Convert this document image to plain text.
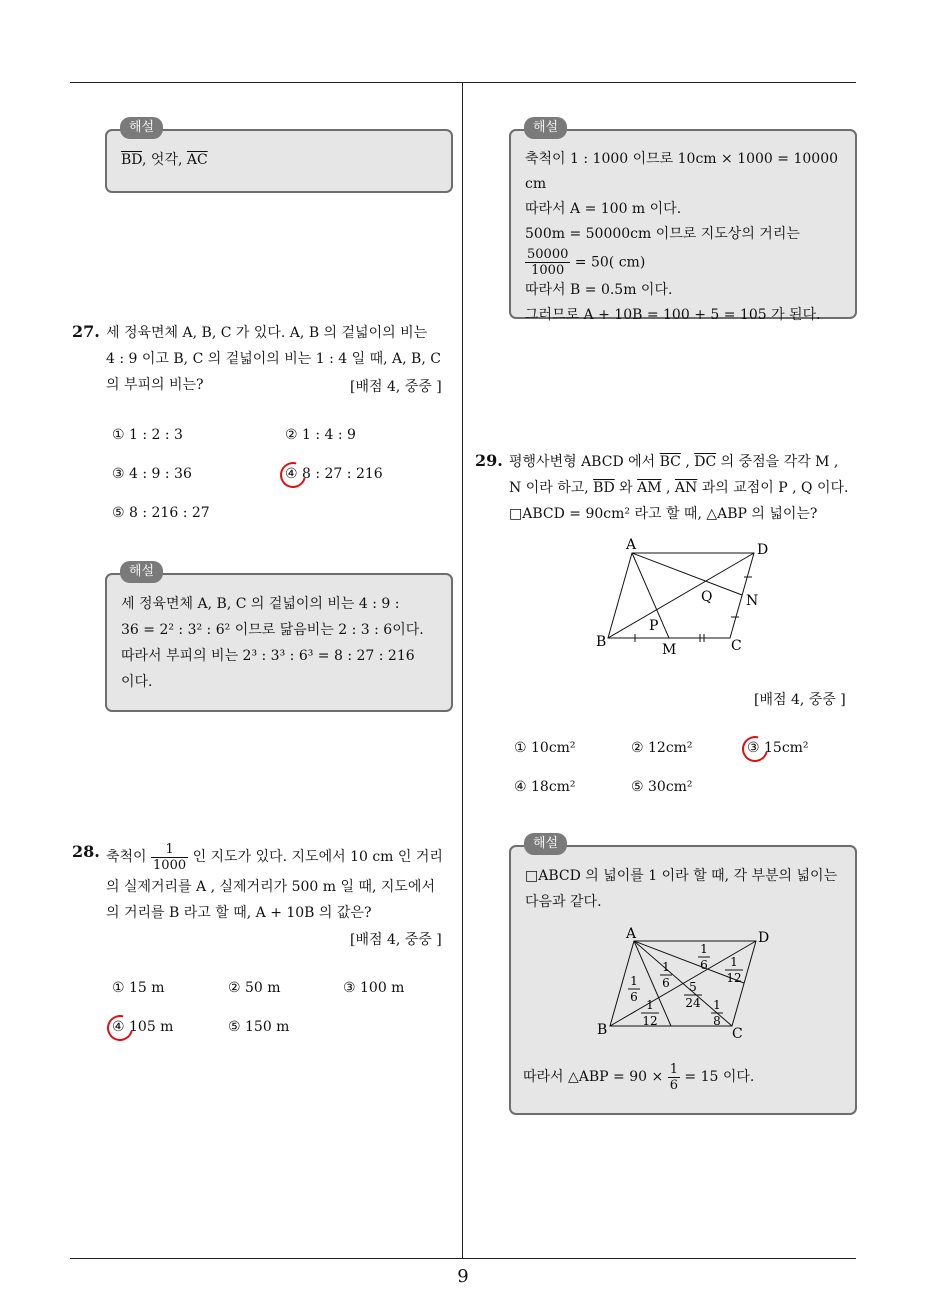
9
해설
$\overline{BD}$, 엇각, $\overline{AC}$
27. 세 정육면체 A, B, C 가 있다. A, B 의 겉넓이의 비는
4 : 9 이고 B, C 의 겉넓이의 비는 1 : 4 일 때, A, B, C
의 부피의 비는?	[배점 4, 중중 ]
① 1 : 2 : 3	② 1 : 4 : 9
③ 4 : 9 : 36	④ 8 : 27 : 216
⑤ 8 : 216 : 27
해설
세 정육면체 A, B, C 의 겉넓이의 비는 4 : 9 :
36 = 2² : 3² : 6² 이므로 닮음비는 2 : 3 : 6이다.
따라서 부피의 비는 2³ : 3³ : 6³ = 8 : 27 : 216
이다.
28. 축척이 $\frac{1}{1000}$ 인 지도가 있다. 지도에서 10 cm 인 거리
의 실제거리를 A , 실제거리가 500 m 일 때, 지도에서
의 거리를 B 라고 할 때, A + 10B 의 값은?
[배점 4, 중중 ]
① 15 m	② 50 m	③ 100 m
④ 105 m	⑤ 150 m
해설
축척이 1 : 1000 이므로 10cm × 1000 = 10000 cm
따라서 A = 100 m 이다.
500m = 50000cm 이므로 지도상의 거리는
$\frac{50000}{1000} = 50$( cm)
따라서 B = 0.5m 이다.
그러므로 A + 10B = 100 + 5 = 105 가 된다.
29. 평행사변형 ABCD 에서 $\overline{BC}$ , $\overline{DC}$ 의 중점을 각각 M ,
N 이라 하고, $\overline{BD}$ 와 $\overline{AM}$ , $\overline{AN}$ 과의 교점이 P , Q 이다.
□ABCD = 90cm² 라고 할 때, △ABP 의 넓이는?
A	D
B	C
M
N
P
Q
[배점 4, 중중 ]
① 10cm²	② 12cm²	③ 15cm²
④ 18cm²	⑤ 30cm²
해설
□ABCD 의 넓이를 1 이라 할 때, 각 부분의 넓이는
다음과 같다.
A	D
B	C
1
6
1
6
1
12
1
6
5
24
1
12
1
8
따라서 △ABP = $90 \times \frac{1}{6} = 15$ 이다.
